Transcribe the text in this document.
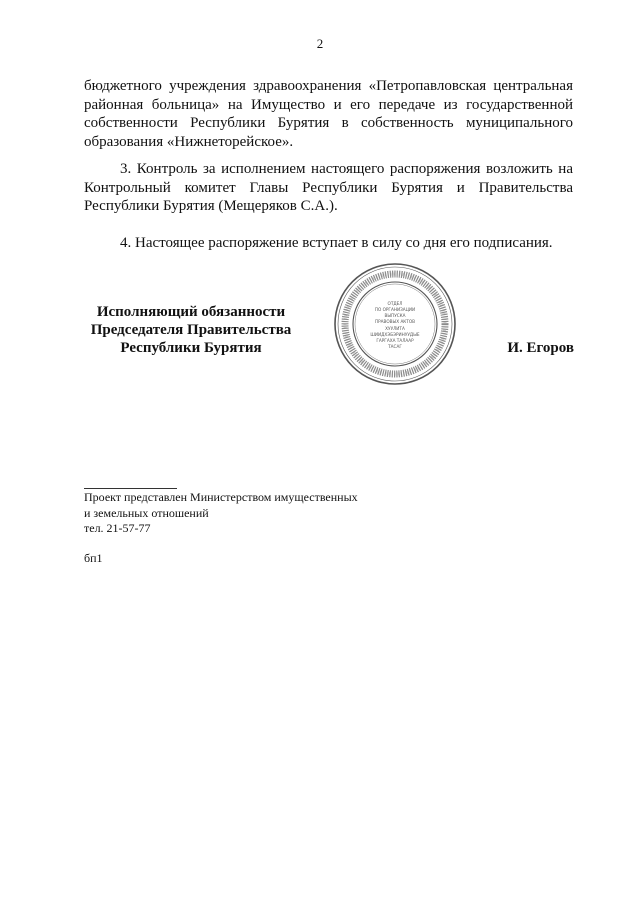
2

бюджетного учреждения здравоохранения «Петропавловская центральная районная больница» на Имущество и его передаче из государственной собственности Республики Бурятия в собственность муниципального образования «Нижнеторейское».

3. Контроль за исполнением настоящего распоряжения возложить на Контрольный комитет Главы Республики Бурятия и Правительства Республики Бурятия (Мещеряков С.А.).

4. Настоящее распоряжение вступает в силу со дня его подписания.

Исполняющий обязанности
Председателя Правительства
Республики Бурятия
ОТДЕЛ
ПО ОРГАНИЗАЦИИ
ВЫПУСКА
ПРАВОВЫХ АКТОВ
ХУУЛИТА
ШИИДХЭБЭРИНУУДЫЕ
ГАРГАХА ТАЛААР
ТАСАГ	И. Егоров
Проект представлен Министерством имущественных
и земельных отношений
тел. 21-57-77
бп1
